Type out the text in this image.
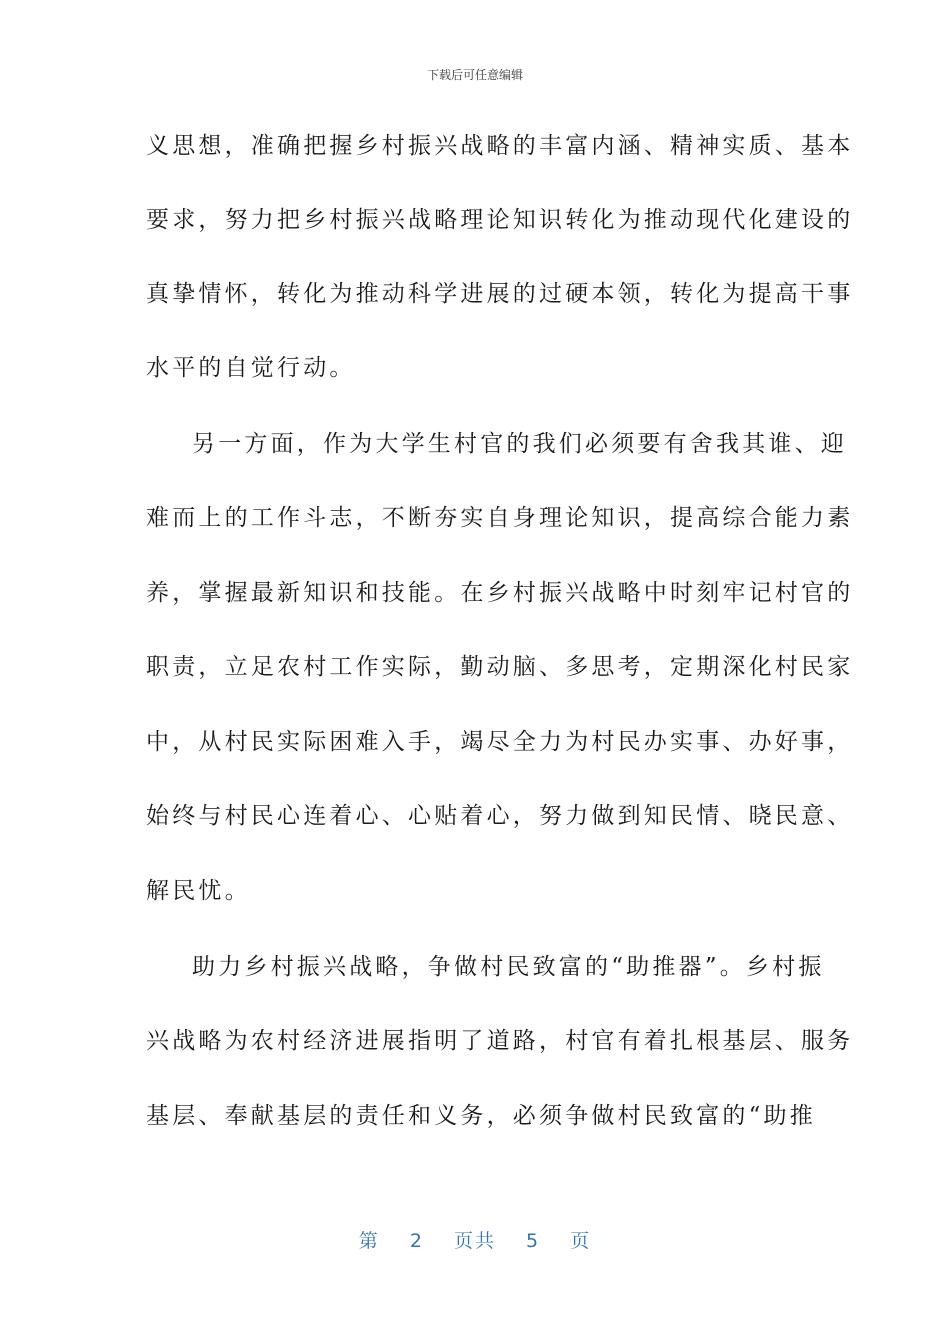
下载后可任意编辑
义思想，准确把握乡村振兴战略的丰富内涵、精神实质、基本
要求，努力把乡村振兴战略理论知识转化为推动现代化建设的
真挚情怀，转化为推动科学进展的过硬本领，转化为提高干事
水平的自觉行动。
另一方面，作为大学生村官的我们必须要有舍我其谁、迎
难而上的工作斗志，不断夯实自身理论知识，提高综合能力素
养，掌握最新知识和技能。在乡村振兴战略中时刻牢记村官的
职责，立足农村工作实际，勤动脑、多思考，定期深化村民家
中，从村民实际困难入手，竭尽全力为村民办实事、办好事，
始终与村民心连着心、心贴着心，努力做到知民情、晓民意、
解民忧。
助力乡村振兴战略，争做村民致富的“助推器”。乡村振
兴战略为农村经济进展指明了道路，村官有着扎根基层、服务
基层、奉献基层的责任和义务，必须争做村民致富的“助推
第 2 页共 5 页
